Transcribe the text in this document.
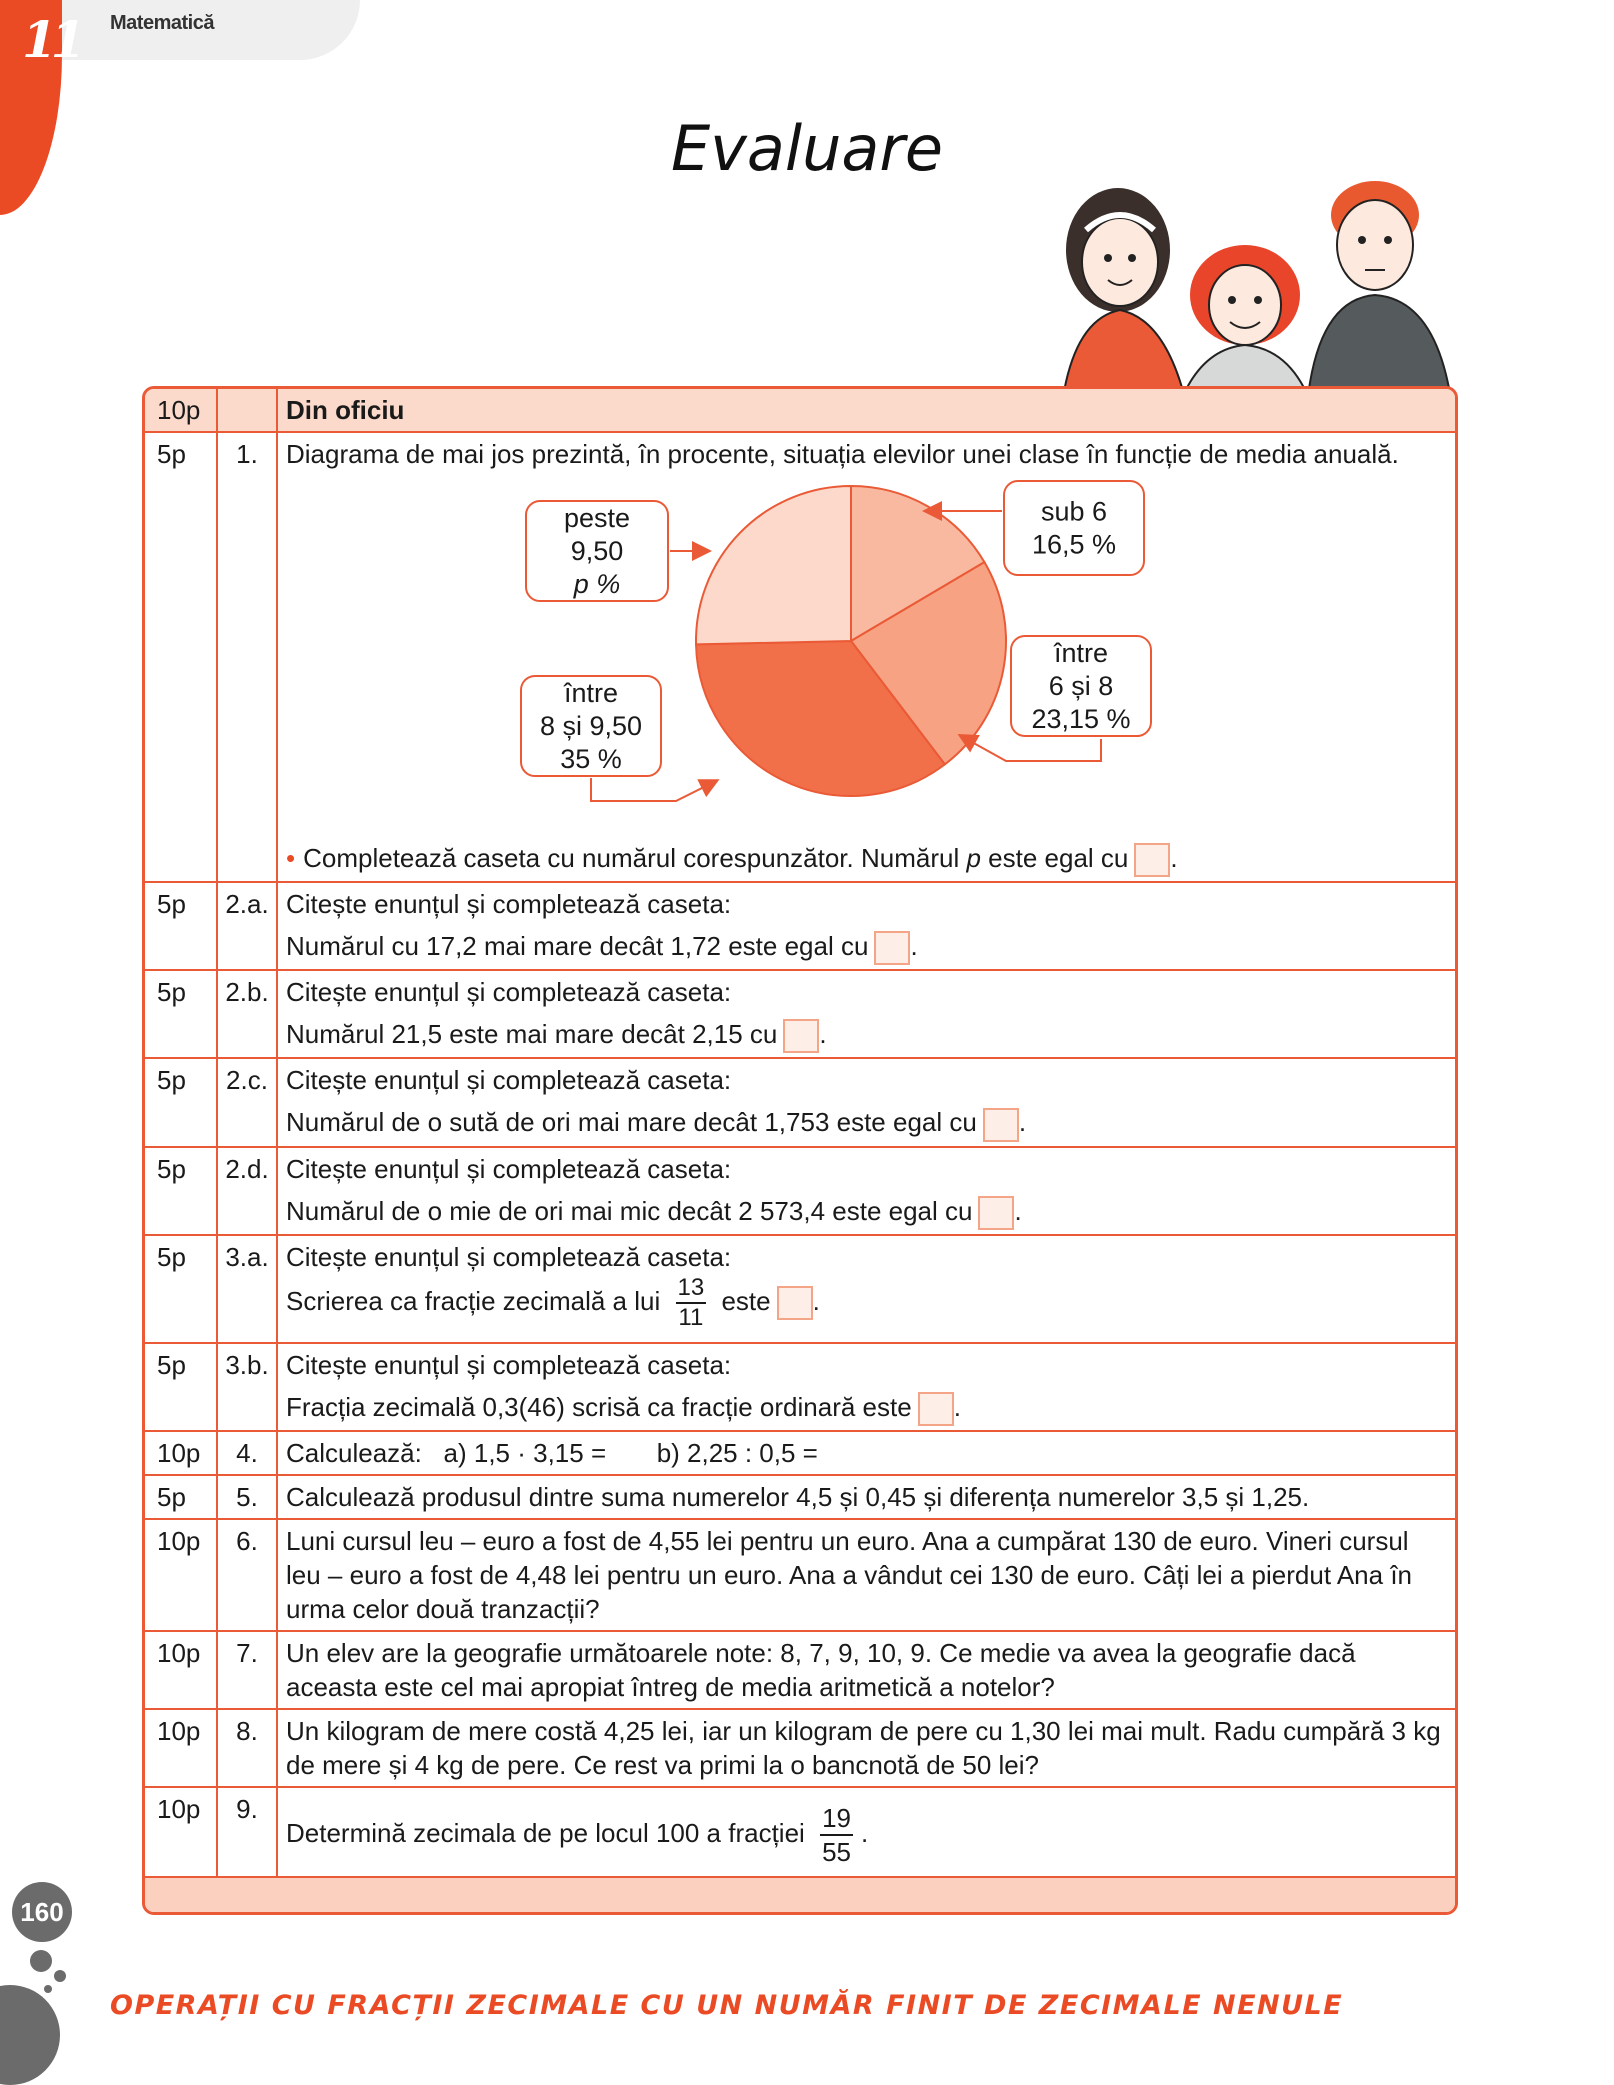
11 Matematică
Evaluare
10p	Din oficiu
5p	1.	Diagrama de mai jos prezintă, în procente, situația elevilor unei clase în funcție de media anuală.
sub 6
16,5 %
între
6 și 8
23,15 %
între
8 și 9,50
35 %
peste
9,50
p %
• Completează caseta cu numărul corespunzător. Numărul p este egal cu .
5p	2.a. Citește enunțul și completează caseta:
Numărul cu 17,2 mai mare decât 1,72 este egal cu .
5p	2.b. Citește enunțul și completează caseta:
Numărul 21,5 este mai mare decât 2,15 cu .
5p	2.c. Citește enunțul și completează caseta:
Numărul de o sută de ori mai mare decât 1,753 este egal cu .
5p	2.d. Citește enunțul și completează caseta:
Numărul de o mie de ori mai mic decât 2 573,4 este egal cu .
5p	3.a. Citește enunțul și completează caseta:
Scrierea ca fracție zecimală a lui $\frac{13}{11}$ este .
5p	3.b. Citește enunțul și completează caseta:
Fracția zecimală 0,3(46) scrisă ca fracție ordinară este .
10p	4.	Calculează:   a) 1,5 · 3,15 =       b) 2,25 : 0,5 =
5p	5.	Calculează produsul dintre suma numerelor 4,5 și 0,45 și diferența numerelor 3,5 și 1,25.
10p	6.	Luni cursul leu – euro a fost de 4,55 lei pentru un euro. Ana a cumpărat 130 de euro. Vineri cursul leu – euro a fost de 4,48 lei pentru un euro. Ana a vândut cei 130 de euro. Câți lei a pierdut Ana în urma celor două tranzacții?
10p	7.	Un elev are la geografie următoarele note: 8, 7, 9, 10, 9. Ce medie va avea la geografie dacă aceasta este cel mai apropiat întreg de media aritmetică a notelor?
10p	8.	Un kilogram de mere costă 4,25 lei, iar un kilogram de pere cu 1,30 lei mai mult. Radu cumpără 3 kg de mere și 4 kg de pere. Ce rest va primi la o bancnotă de 50 lei?
10p	9.
Determină zecimala de pe locul 100 a fracției $\frac{19}{55}$ .
160
OPERAȚII CU FRACȚII ZECIMALE CU UN NUMĂR FINIT DE ZECIMALE NENULE
